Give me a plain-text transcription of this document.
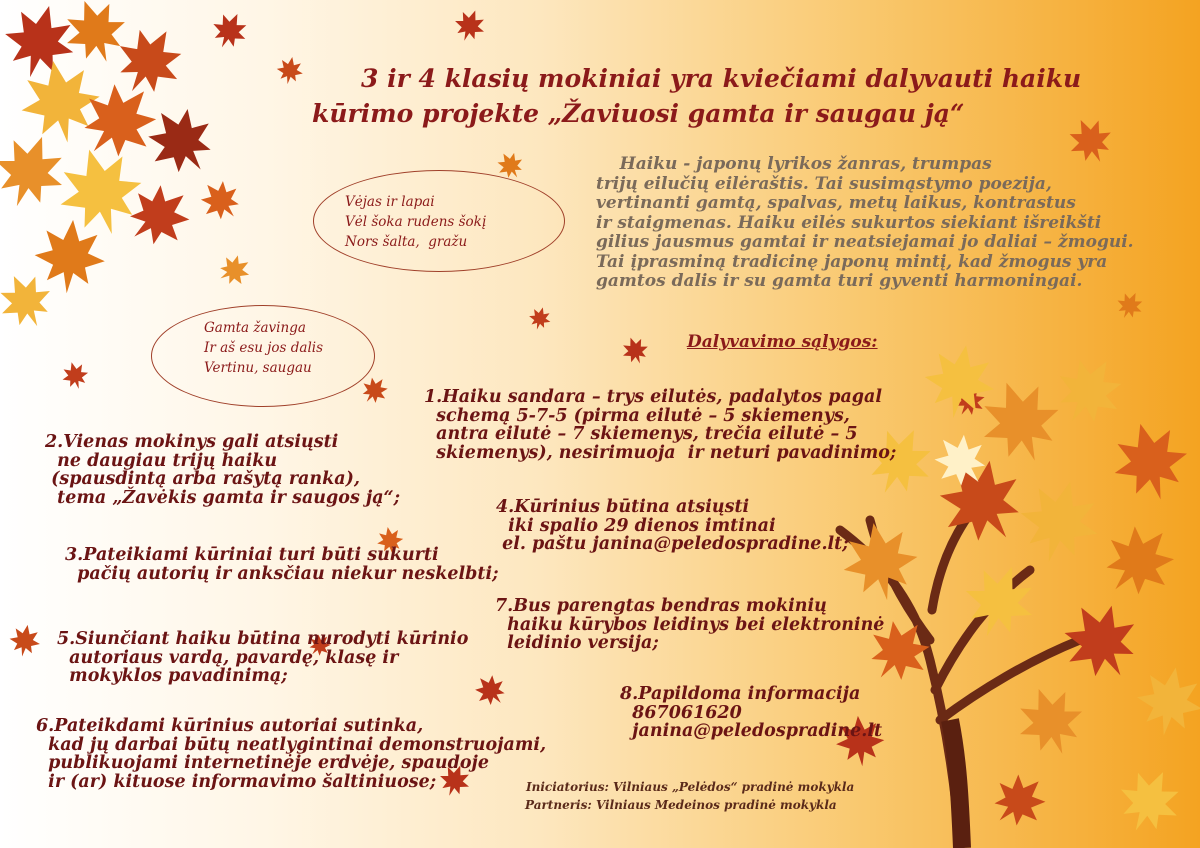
3 ir 4 klasių mokiniai yra kviečiami dalyvauti haiku
kūrimo projekte „Žaviuosi gamta ir saugau ją“
Haiku - japonų lyrikos žanras, trumpas
trijų eilučių eilėraštis. Tai susimąstymo poezija,
vertinanti gamtą, spalvas, metų laikus, kontrastus
ir staigmenas. Haiku eilės sukurtos siekiant išreikšti
gilius jausmus gamtai ir neatsiejamai jo daliai – žmogui.
Tai įprasminą tradicinę japonų mintį, kad žmogus yra
gamtos dalis ir su gamta turi gyventi harmoningai.
Vėjas ir lapai
Vėl šoka rudens šokį
Nors šalta,  gražu
Gamta žavinga
Ir aš esu jos dalis
Vertinu, saugau
Dalyvavimo sąlygos:
1.Haiku sandara – trys eilutės, padalytos pagal
schemą 5-7-5 (pirma eilutė – 5 skiemenys,
antra eilutė – 7 skiemenys, trečia eilutė – 5
skiemenys), nesirimuoja  ir neturi pavadinimo;
2.Vienas mokinys gali atsiųsti
ne daugiau trijų haiku
(spausdintą arba rašytą ranka),
tema „Žavėkis gamta ir saugos ją“;	4.Kūrinius būtina atsiųsti
iki spalio 29 dienos imtinai
el. paštu janina@peledospradine.lt;
3.Pateikiami kūriniai turi būti sukurti
pačių autorių ir anksčiau niekur neskelbti;
7.Bus parengtas bendras mokinių
haiku kūrybos leidinys bei elektroninė
leidinio versija;
5.Siunčiant haiku būtina nurodyti kūrinio
autoriaus vardą, pavardę, klasę ir
mokyklos pavadinimą;
8.Papildoma informacija
867061620
janina@peledospradine.lt
6.Pateikdami kūrinius autoriai sutinka,
kad jų darbai būtų neatlygintinai demonstruojami,
publikuojami internetinėje erdvėje, spaudoje
ir (ar) kituose informavimo šaltiniuose;	Iniciatorius: Vilniaus „Pelėdos“ pradinė mokykla
Partneris: Vilniaus Medeinos pradinė mokykla
